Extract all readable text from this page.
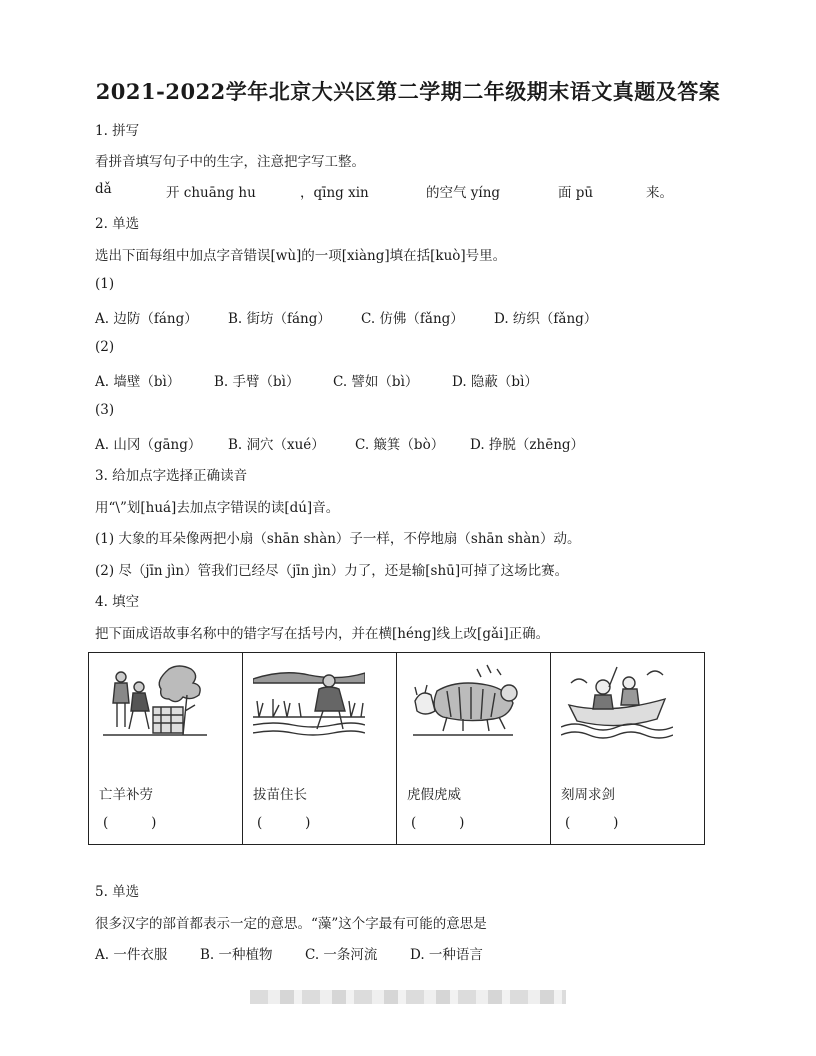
2021-2022学年北京大兴区第二学期二年级期末语文真题及答案
1. 拼写
看拼音填写句子中的生字，注意把字写工整。
dǎ	开 chuāng hu	，qīng xin	的空气 yíng	面 pū	来。
2. 单选
选出下面每组中加点字音错误[wù]的一项[xiàng]填在括[kuò]号里。
(1)
A. 边防（fáng） B. 街坊（fáng） C. 仿佛（fǎng） D. 纺织（fǎng）
(2)
A. 墙壁（bì） B. 手臂（bì） C. 譬如（bì） D. 隐蔽（bì）
(3)
A. 山冈（gāng） B. 洞穴（xué） C. 簸箕（bò） D. 挣脱（zhēng）
3. 给加点字选择正确读音
用“\”划[huá]去加点字错误的读[dú]音。
(1) 大象的耳朵像两把小扇（shān shàn）子一样，不停地扇（shān shàn）动。
(2) 尽（jīn jìn）管我们已经尽（jīn jìn）力了，还是输[shū]可掉了这场比赛。
4. 填空
把下面成语故事名称中的错字写在括号内，并在横[héng]线上改[gǎi]正确。
亡羊补劳
(          )
拔苗住长
(          )
虎假虎威
(          )
刻周求剑
(          )
5. 单选
很多汉字的部首都表示一定的意思。“藻”这个字最有可能的意思是
A. 一件衣服 B. 一种植物 C. 一条河流 D. 一种语言
